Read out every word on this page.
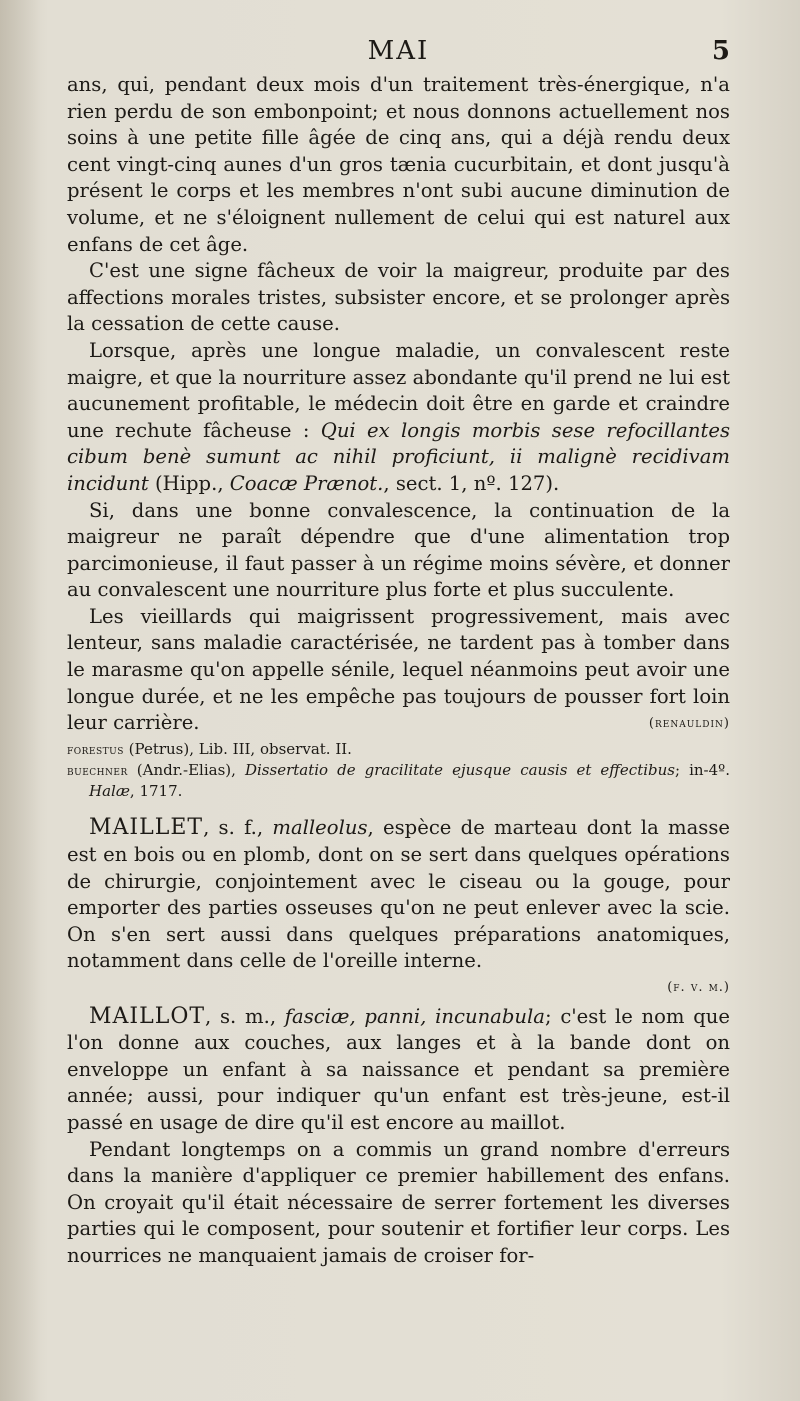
MAI	5

ans, qui, pendant deux mois d'un traitement très-énergique, n'a rien perdu de son embonpoint; et nous donnons actuellement nos soins à une petite fille âgée de cinq ans, qui a déjà rendu deux cent vingt-cinq aunes d'un gros tænia cucurbitain, et dont jusqu'à présent le corps et les membres n'ont subi aucune diminution de volume, et ne s'éloignent nullement de celui qui est naturel aux enfans de cet âge.

C'est une signe fâcheux de voir la maigreur, produite par des affections morales tristes, subsister encore, et se prolonger après la cessation de cette cause.

Lorsque, après une longue maladie, un convalescent reste maigre, et que la nourriture assez abondante qu'il prend ne lui est aucunement profitable, le médecin doit être en garde et craindre une rechute fâcheuse : Qui ex longis morbis sese refocillantes cibum benè sumunt ac nihil proficiunt, ii malignè recidivam incidunt (Hipp., Coacæ Prænot., sect. 1, nº. 127).

Si, dans une bonne convalescence, la continuation de la maigreur ne paraît dépendre que d'une alimentation trop parcimonieuse, il faut passer à un régime moins sévère, et donner au convalescent une nourriture plus forte et plus succulente.

Les vieillards qui maigrissent progressivement, mais avec lenteur, sans maladie caractérisée, ne tardent pas à tomber dans le marasme qu'on appelle sénile, lequel néanmoins peut avoir une longue durée, et ne les empêche pas toujours de pousser fort loin leur carrière.	(renauldin)
forestus (Petrus), Lib. III, observat. II.
buechner (Andr.-Elias), Dissertatio de gracilitate ejusque causis et effectibus; in-4º. Halæ, 1717.

MAILLET, s. f., malleolus, espèce de marteau dont la masse est en bois ou en plomb, dont on se sert dans quelques opérations de chirurgie, conjointement avec le ciseau ou la gouge, pour emporter des parties osseuses qu'on ne peut enlever avec la scie. On s'en sert aussi dans quelques préparations anatomiques, notamment dans celle de l'oreille interne.

(f. v. m.)

MAILLOT, s. m., fasciæ, panni, incunabula; c'est le nom que l'on donne aux couches, aux langes et à la bande dont on enveloppe un enfant à sa naissance et pendant sa première année; aussi, pour indiquer qu'un enfant est très-jeune, est-il passé en usage de dire qu'il est encore au maillot.

Pendant longtemps on a commis un grand nombre d'erreurs dans la manière d'appliquer ce premier habillement des enfans. On croyait qu'il était nécessaire de serrer fortement les diverses parties qui le composent, pour soutenir et fortifier leur corps. Les nourrices ne manquaient jamais de croiser for-
